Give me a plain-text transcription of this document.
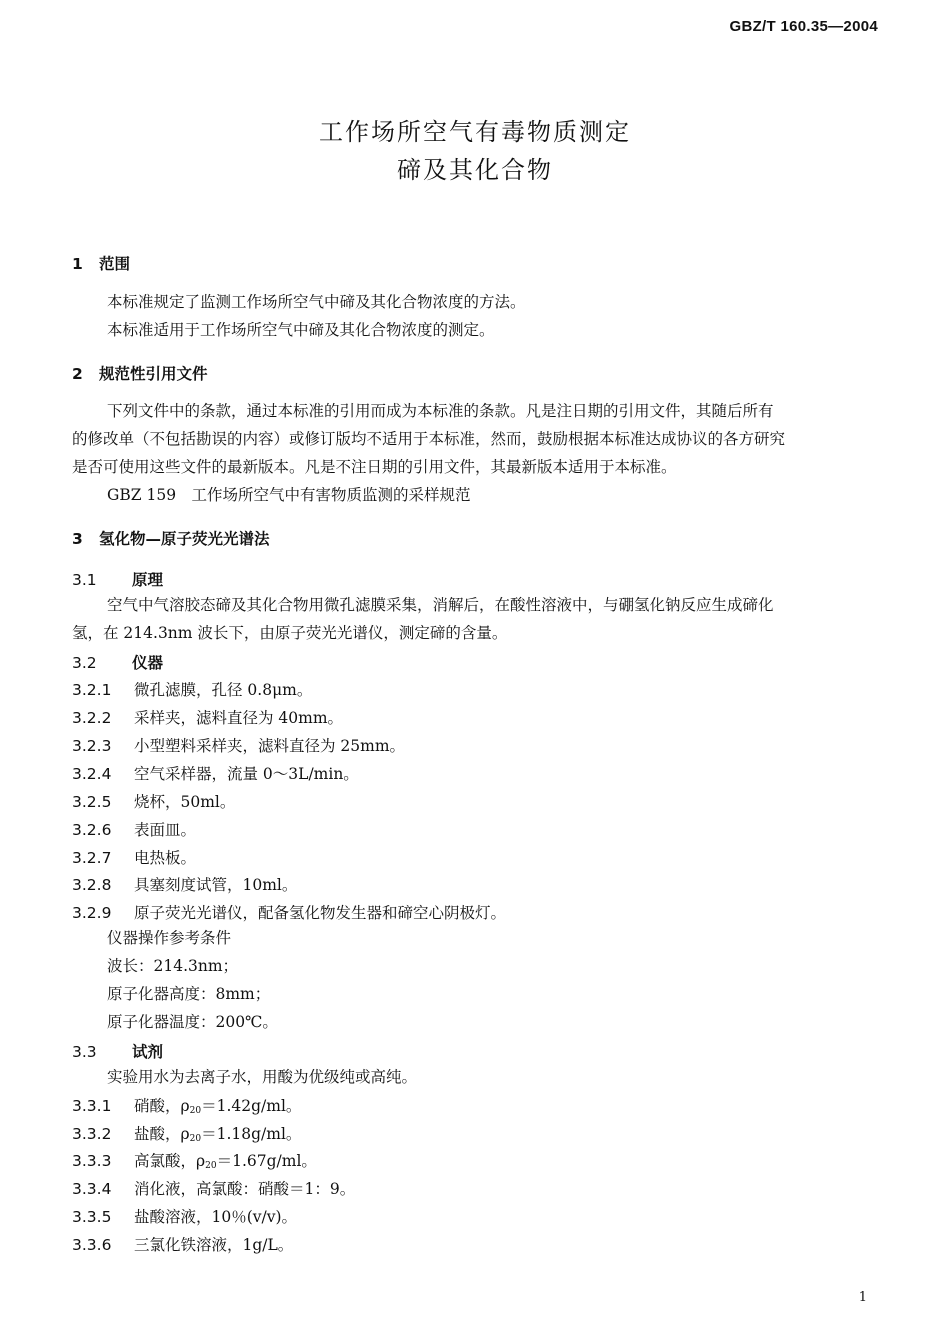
GBZ/T 160.35—2004
工作场所空气有毒物质测定
碲及其化合物
1 范围
本标准规定了监测工作场所空气中碲及其化合物浓度的方法。
本标准适用于工作场所空气中碲及其化合物浓度的测定。
2 规范性引用文件
下列文件中的条款，通过本标准的引用而成为本标准的条款。凡是注日期的引用文件，其随后所有
的修改单（不包括勘误的内容）或修订版均不适用于本标准，然而，鼓励根据本标准达成协议的各方研究
是否可使用这些文件的最新版本。凡是不注日期的引用文件，其最新版本适用于本标准。
GBZ 159　工作场所空气中有害物质监测的采样规范
3 氢化物—原子荧光光谱法
3.1 原理
空气中气溶胶态碲及其化合物用微孔滤膜采集，消解后，在酸性溶液中，与硼氢化钠反应生成碲化
氢，在 214.3nm 波长下，由原子荧光光谱仪，测定碲的含量。
3.2 仪器
3.2.1 微孔滤膜，孔径 0.8μm。
3.2.2 采样夹，滤料直径为 40mm。
3.2.3 小型塑料采样夹，滤料直径为 25mm。
3.2.4 空气采样器，流量 0～3L/min。
3.2.5 烧杯，50ml。
3.2.6 表面皿。
3.2.7 电热板。
3.2.8 具塞刻度试管，10ml。
3.2.9 原子荧光光谱仪，配备氢化物发生器和碲空心阴极灯。
仪器操作参考条件
波长：214.3nm；
原子化器高度：8mm；
原子化器温度：200℃。
3.3 试剂
实验用水为去离子水，用酸为优级纯或高纯。
3.3.1 硝酸，$\rho_{20}=1.42g/ml$。
3.3.2 盐酸，$\rho_{20}=1.18g/ml$。
3.3.3 高氯酸，$\rho_{20}=1.67g/ml$。
3.3.4 消化液，高氯酸：硝酸＝1：9。
3.3.5 盐酸溶液，10％(v/v)。
3.3.6 三氯化铁溶液，1g/L。
1
